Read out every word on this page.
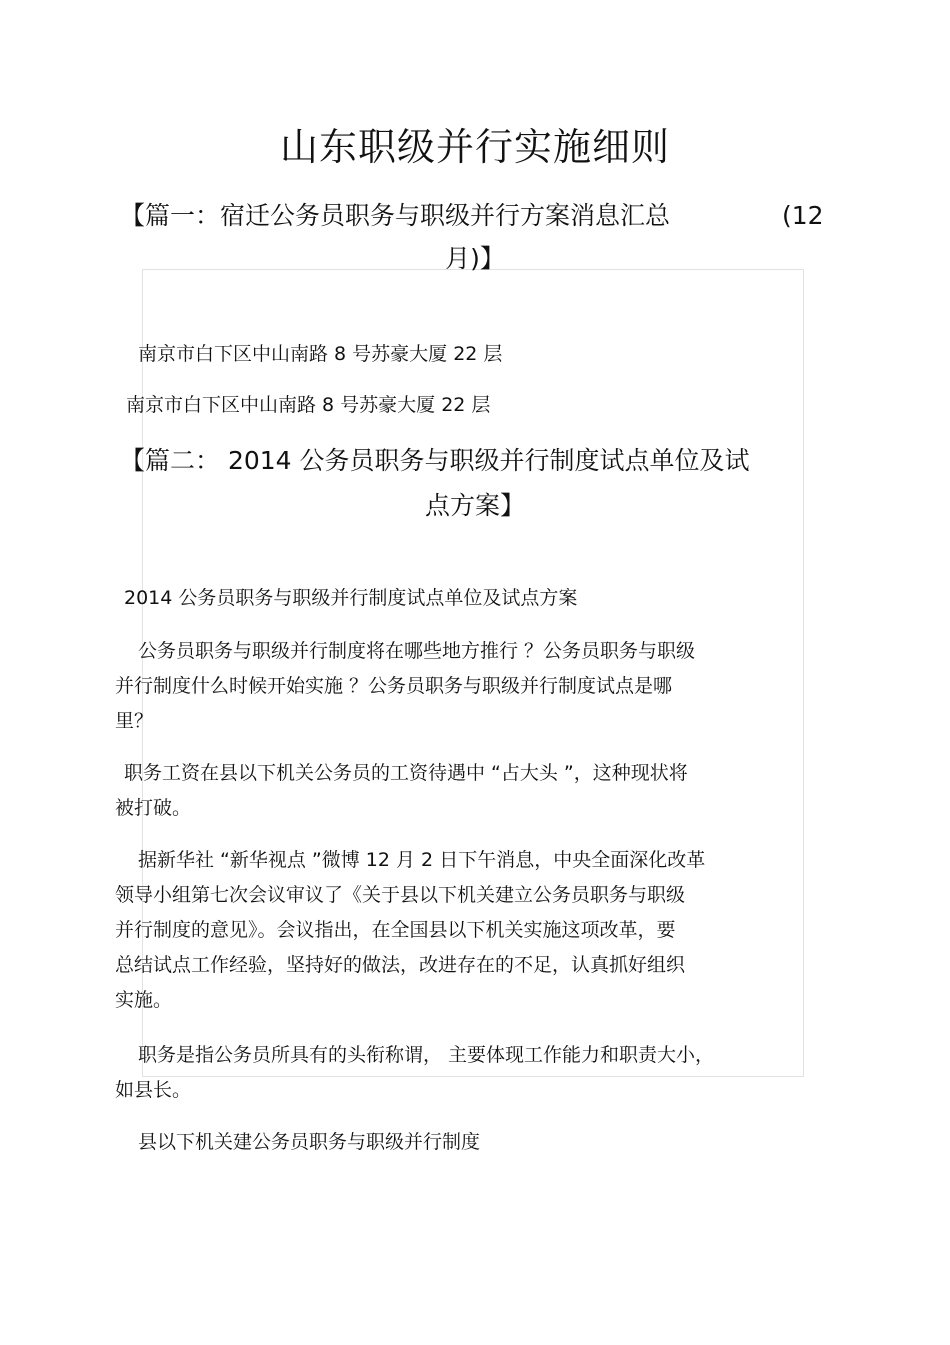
山东职级并行实施细则
【篇一：宿迁公务员职务与职级并行方案消息汇总	(12
月)】
南京市白下区中山南路 8 号苏豪大厦 22 层
南京市白下区中山南路 8 号苏豪大厦 22 层
【篇二： 2014 公务员职务与职级并行制度试点单位及试
点方案】
2014 公务员职务与职级并行制度试点单位及试点方案
公务员职务与职级并行制度将在哪些地方推行 ？公务员职务与职级
并行制度什么时候开始实施 ？公务员职务与职级并行制度试点是哪
里？
职务工资在县以下机关公务员的工资待遇中 “占大头 ”，这种现状将
被打破。
据新华社 “新华视点 ”微博 12 月 2 日下午消息，中央全面深化改革
领导小组第七次会议审议了《关于县以下机关建立公务员职务与职级
并行制度的意见》。会议指出，在全国县以下机关实施这项改革，要
总结试点工作经验，坚持好的做法，改进存在的不足，认真抓好组织
实施。
职务是指公务员所具有的头衔称谓， 主要体现工作能力和职责大小，
如县长。
县以下机关建公务员职务与职级并行制度
